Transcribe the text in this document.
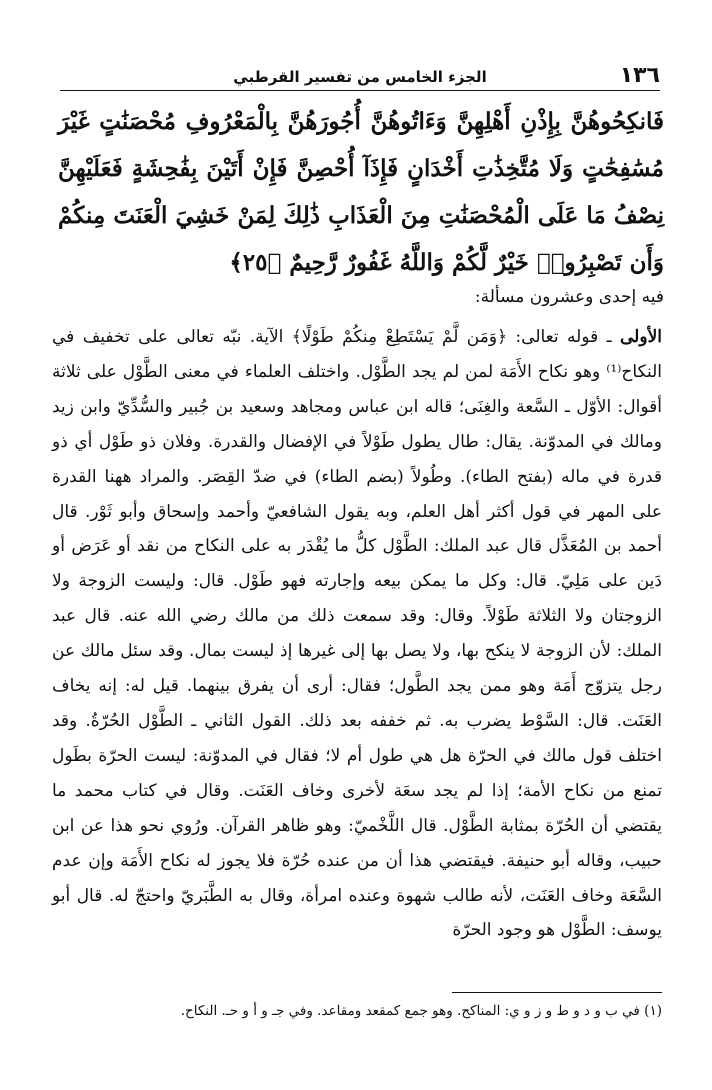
١٣٦
الجزء الخامس من تفسير القرطبي
فَانكِحُوهُنَّ بِإِذْنِ أَهْلِهِنَّ وَءَاتُوهُنَّ أُجُورَهُنَّ بِالْمَعْرُوفِ مُحْصَنَٰتٍ غَيْرَ مُسَٰفِحَٰتٍ وَلَا مُتَّخِذَٰتِ أَخْدَانٍ فَإِذَآ أُحْصِنَّ فَإِنْ أَتَيْنَ بِفَٰحِشَةٍ فَعَلَيْهِنَّ نِصْفُ مَا عَلَى الْمُحْصَنَٰتِ مِنَ الْعَذَابِ ذَٰلِكَ لِمَنْ خَشِيَ الْعَنَتَ مِنكُمْ وَأَن تَصْبِرُوا۟ خَيْرٌ لَّكُمْ وَاللَّهُ غَفُورٌ رَّحِيمٌ ﴿٢٥﴾
فيه إحدى وعشرون مسألة:
الأولى ـ قوله تعالى: ﴿وَمَن لَّمْ يَسْتَطِعْ مِنكُمْ طَوْلًا﴾ الآية. نبّه تعالى على تخفيف في النكاح⁽¹⁾ وهو نكاح الأَمَة لمن لم يجد الطَّوْل. واختلف العلماء في معنى الطَّوْل على ثلاثة أقوال: الأوّل ـ السَّعة والغِنَى؛ قاله ابن عباس ومجاهد وسعيد بن جُبير والسُّدِّيّ وابن زيد ومالك في المدوّنة. يقال: طال يطول طَوْلاً في الإفضال والقدرة. وفلان ذو طَوْل أي ذو قدرة في ماله (بفتح الطاء). وطُولاً (بضم الطاء) في ضدّ القِصَر. والمراد ههنا القدرة على المهر في قول أكثر أهل العلم، وبه يقول الشافعيّ وأحمد وإسحاق وأبو ثَوْر. قال أحمد بن المُعَذَّل قال عبد الملك: الطَّوْل كلُّ ما يُقْدَر به على النكاح من نقد أو عَرَض أو دَين على مَلِيّ. قال: وكل ما يمكن بيعه وإجارته فهو طَوْل. قال: وليست الزوجة ولا الزوجتان ولا الثلاثة طَوْلاً. وقال: وقد سمعت ذلك من مالك رضي الله عنه. قال عبد الملك: لأن الزوجة لا ينكح بها، ولا يصل بها إلى غيرها إذ ليست بمال. وقد سئل مالك عن رجل يتزوّج أَمَة وهو ممن يجد الطَّول؛ فقال: أرى أن يفرق بينهما. قيل له: إنه يخاف العَنَت. قال: السَّوْط يضرب به. ثم خففه بعد ذلك. القول الثاني ـ الطَّوْل الحُرّةُ. وقد اختلف قول مالك في الحرّة هل هي طول أم لا؛ فقال في المدوّنة: ليست الحرّة بطَول تمنع من نكاح الأمة؛ إذا لم يجد سعَة لأخرى وخاف العَنَت. وقال في كتاب محمد ما يقتضي أن الحُرّة بمثابة الطَّوْل. قال اللَّخْميّ: وهو ظاهر القرآن. ورُوي نحو هذا عن ابن حبيب، وقاله أبو حنيفة. فيقتضي هذا أن من عنده حُرّة فلا يجوز له نكاح الأَمَة وإن عدم السَّعَة وخاف العَنَت، لأنه طالب شهوة وعنده امرأة، وقال به الطَّبَريّ واحتجّ له. قال أبو يوسف: الطَّوْل هو وجود الحرّة
(١) في ب و د و ط و ز و ي: المناكح. وهو جمع كمقعد ومقاعد. وفي جـ و أ و حـ. النكاح.
